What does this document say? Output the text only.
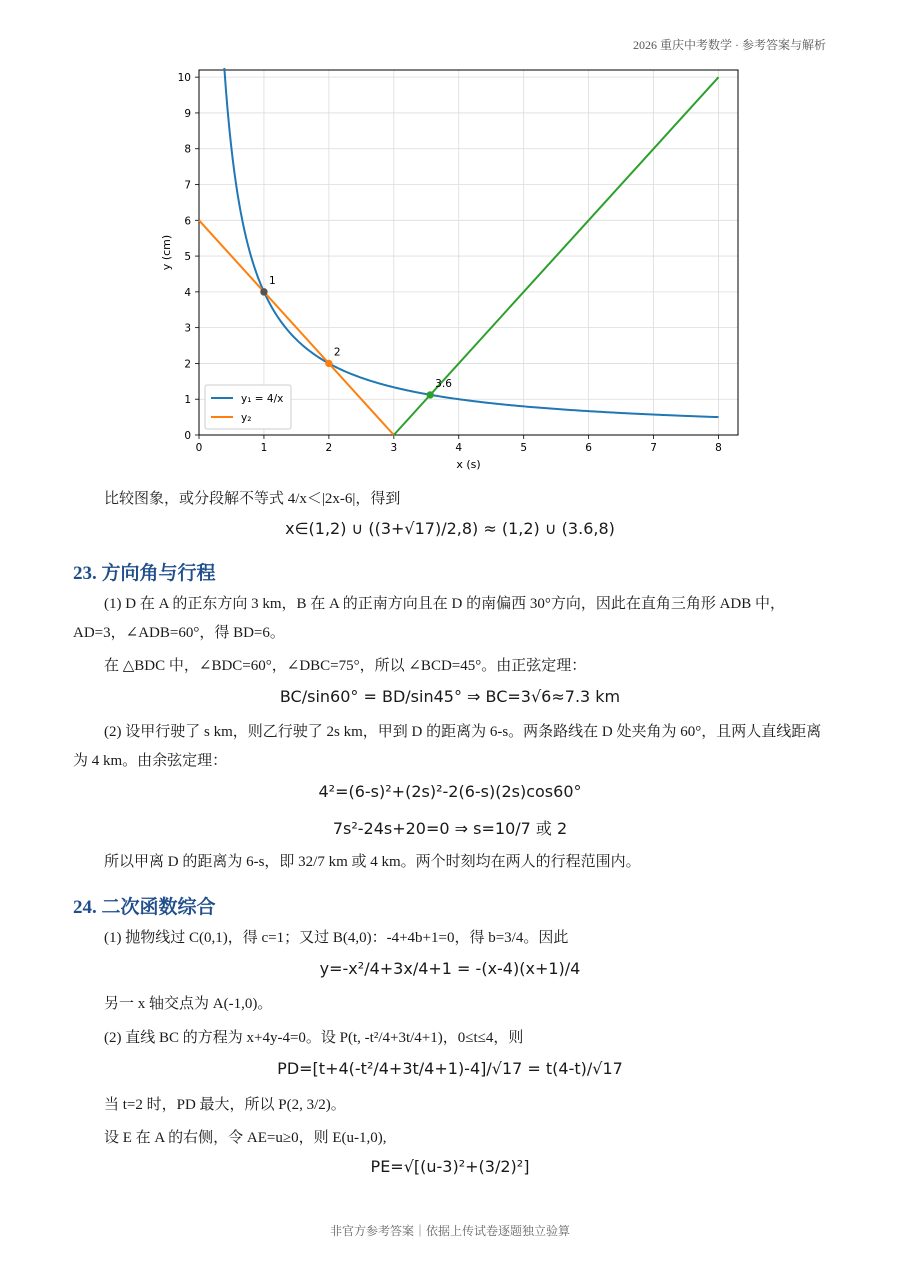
2026 重庆中考数学 · 参考答案与解析
0	1	2	3	4	5	6	7	8
0
1
2
3
4
5
6
7
8
9
10
1
2
3.6
x (s)
y (cm)
y₁ = 4/x
y₂
比较图象，或分段解不等式 4/x＜|2x-6|，得到
x∈(1,2) ∪ ((3+√17)/2,8) ≈ (1,2) ∪ (3.6,8)
23. 方向角与行程
(1) D 在 A 的正东方向 3 km，B 在 A 的正南方向且在 D 的南偏西 30°方向，因此在直角三角形 ADB 中，AD=3，∠ADB=60°，得 BD=6。
在 △BDC 中，∠BDC=60°，∠DBC=75°，所以 ∠BCD=45°。由正弦定理：
BC/sin60° = BD/sin45° ⇒ BC=3√6≈7.3 km
(2) 设甲行驶了 s km，则乙行驶了 2s km，甲到 D 的距离为 6-s。两条路线在 D 处夹角为 60°，且两人直线距离为 4 km。由余弦定理：
4²=(6-s)²+(2s)²-2(6-s)(2s)cos60°
7s²-24s+20=0 ⇒ s=10/7 或 2
所以甲离 D 的距离为 6-s，即 32/7 km 或 4 km。两个时刻均在两人的行程范围内。
24. 二次函数综合
(1) 抛物线过 C(0,1)，得 c=1；又过 B(4,0)：-4+4b+1=0，得 b=3/4。因此
y=-x²/4+3x/4+1 = -(x-4)(x+1)/4
另一 x 轴交点为 A(-1,0)。
(2) 直线 BC 的方程为 x+4y-4=0。设 P(t, -t²/4+3t/4+1)，0≤t≤4，则
PD=[t+4(-t²/4+3t/4+1)-4]/√17 = t(4-t)/√17
当 t=2 时，PD 最大，所以 P(2, 3/2)。
设 E 在 A 的右侧，令 AE=u≥0，则 E(u-1,0),
PE=√[(u-3)²+(3/2)²]
非官方参考答案｜依据上传试卷逐题独立验算
